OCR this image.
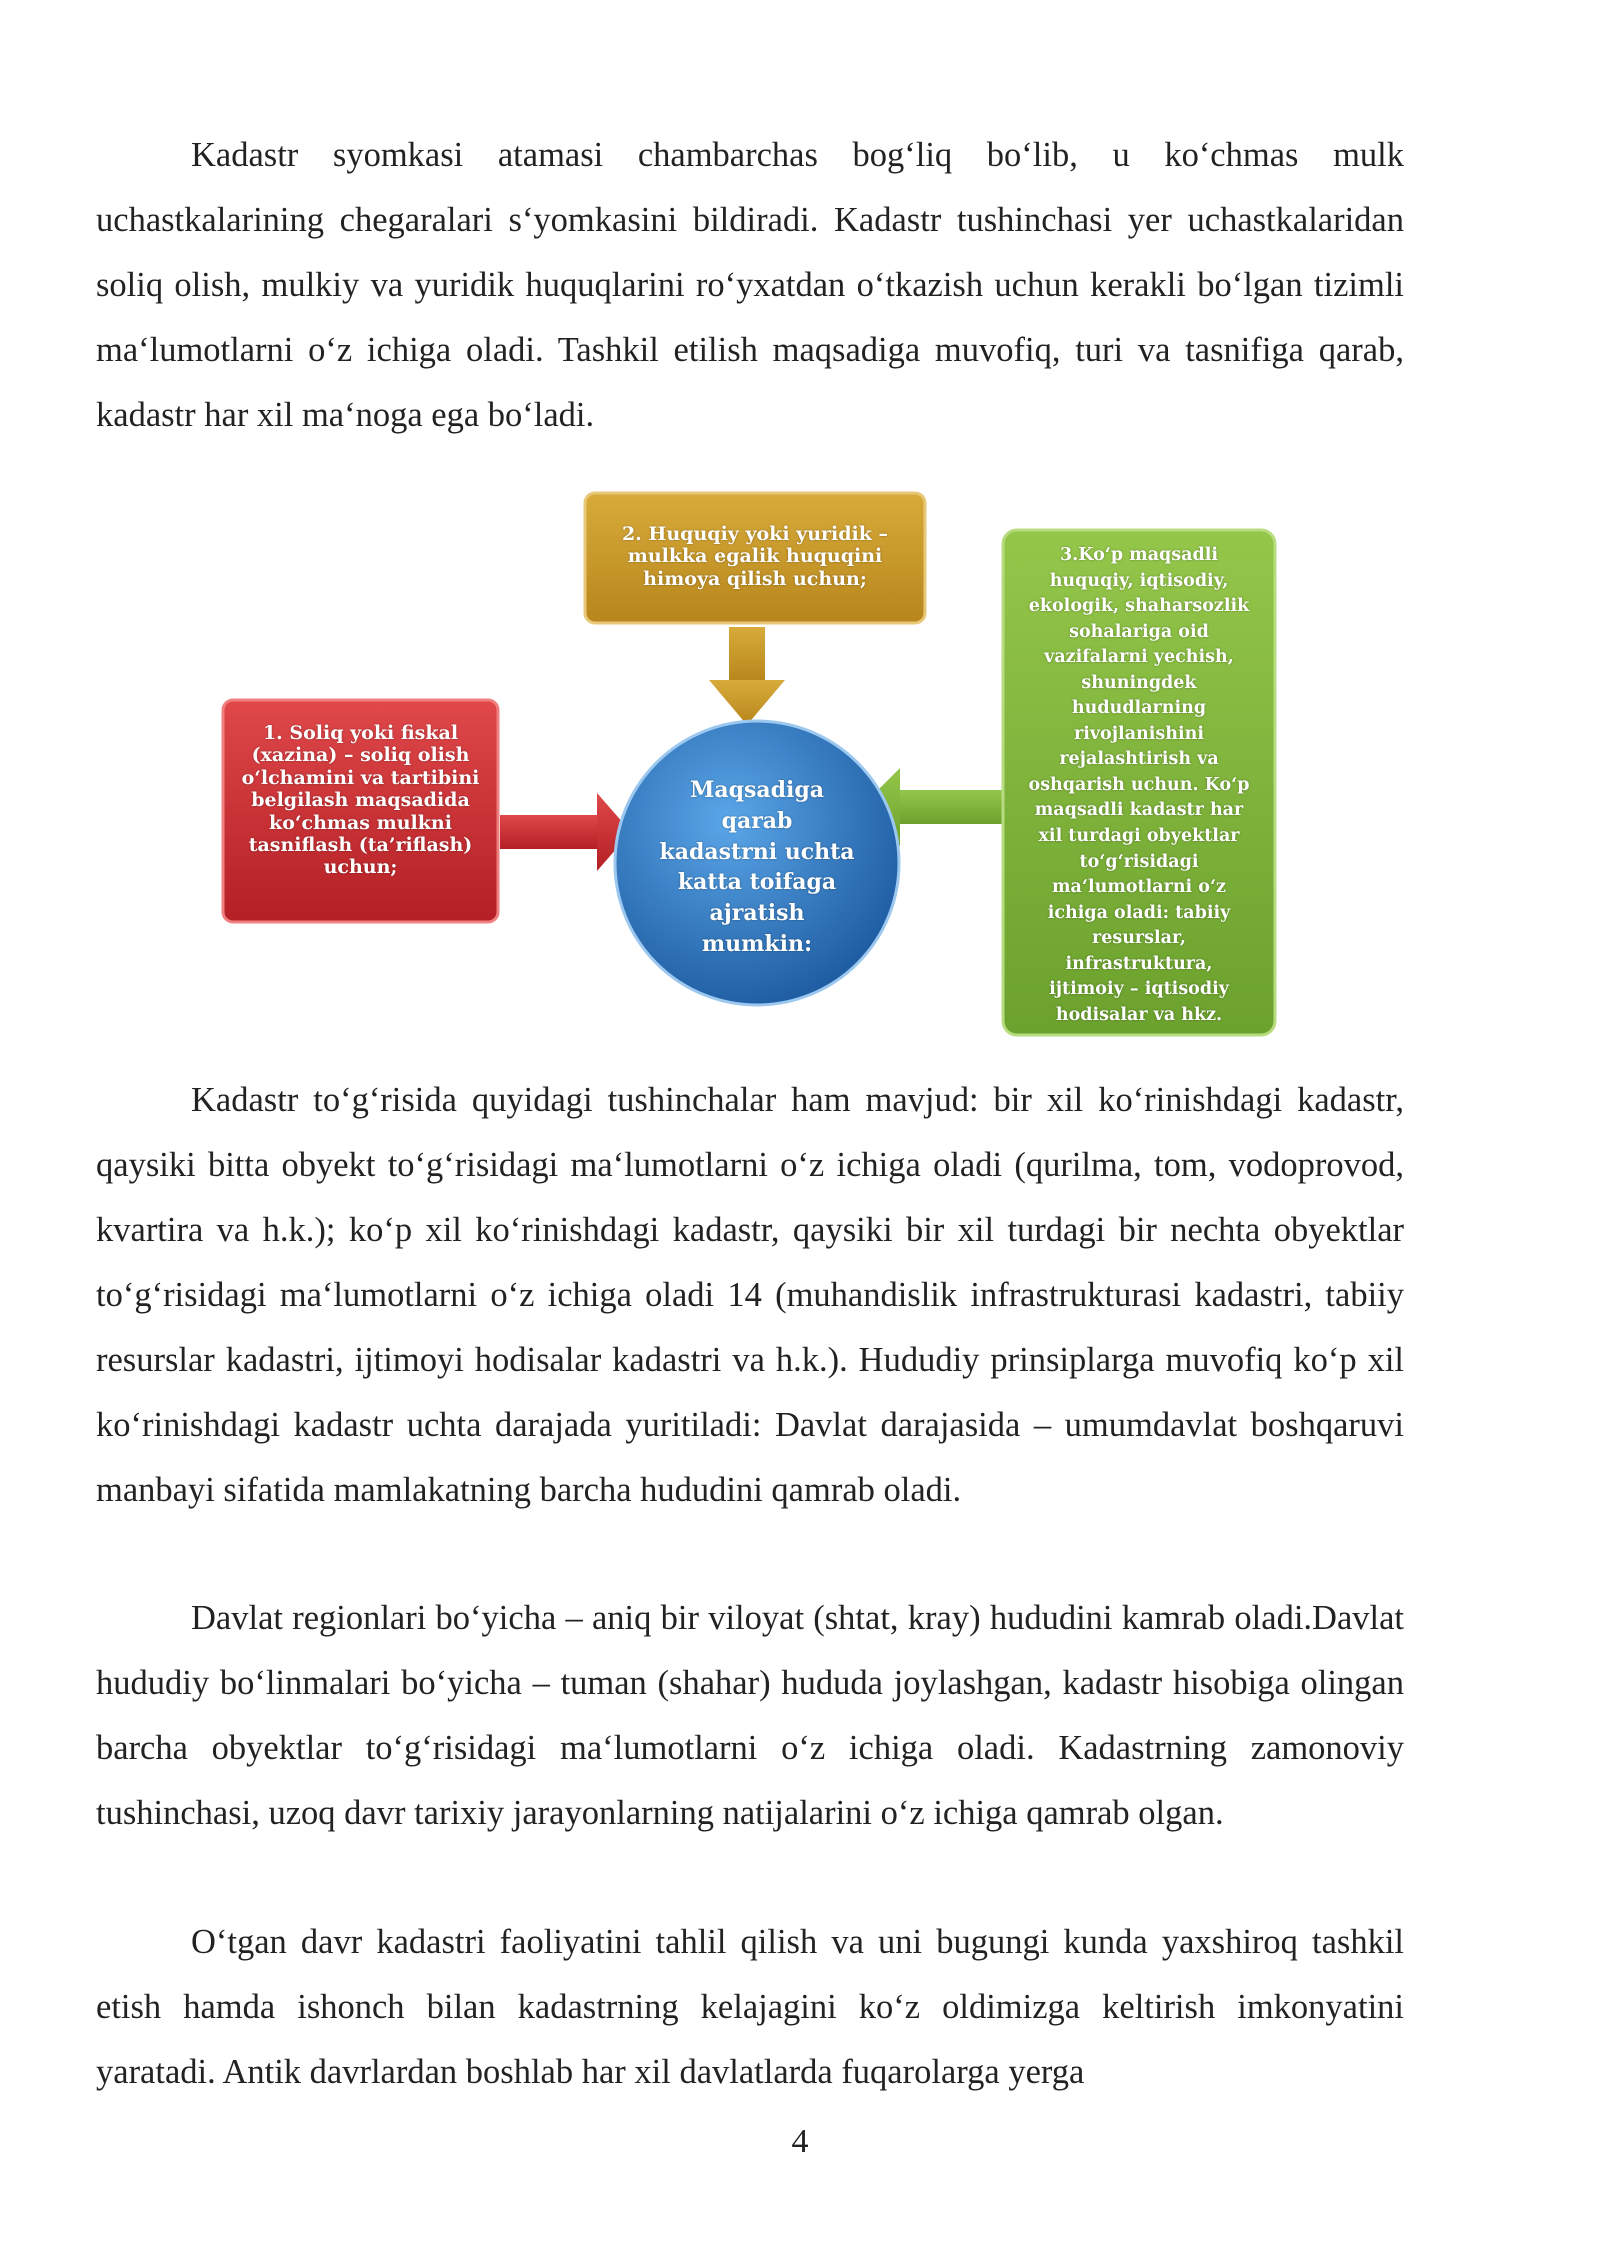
Kadastr syomkasi atamasi chambarchas bog‘liq bo‘lib, u ko‘chmas mulk uchastkalarining chegaralari s‘yomkasini bildiradi. Kadastr tushinchasi yer uchastkalaridan soliq olish, mulkiy va yuridik huquqlarini ro‘yxatdan o‘tkazish uchun kerakli bo‘lgan tizimli ma‘lumotlarni o‘z ichiga oladi. Tashkil etilish maqsadiga muvofiq, turi va tasnifiga qarab, kadastr har xil ma‘noga ega bo‘ladi.

2. Huquqiy yoki yuridik –
mulkka egalik huquqini
himoya qilish uchun;
1. Soliq yoki fiskal
(xazina) – soliq olish
o‘lchamini va tartibini
belgilash maqsadida
ko‘chmas mulkni
tasniflash (ta’riflash)
uchun;
3.Ko‘p maqsadli
huquqiy, iqtisodiy,
ekologik, shaharsozlik
sohalariga oid
vazifalarni yechish,
shuningdek
hududlarning
rivojlanishini
rejalashtirish va
oshqarish uchun. Ko‘p
maqsadli kadastr har
xil turdagi obyektlar
to‘g‘risidagi
ma‘lumotlarni o‘z
ichiga oladi: tabiiy
resurslar,
infrastruktura,
ijtimoiy – iqtisodiy
hodisalar va hkz.
Maqsadiga
qarab
kadastrni uchta
katta toifaga
ajratish
mumkin:

Kadastr to‘g‘risida quyidagi tushinchalar ham mavjud: bir xil ko‘rinishdagi kadastr, qaysiki bitta obyekt to‘g‘risidagi ma‘lumotlarni o‘z ichiga oladi (qurilma, tom, vodoprovod, kvartira va h.k.); ko‘p xil ko‘rinishdagi kadastr, qaysiki bir xil turdagi bir nechta obyektlar to‘g‘risidagi ma‘lumotlarni o‘z ichiga oladi 14 (muhandislik infrastrukturasi kadastri, tabiiy resurslar kadastri, ijtimoyi hodisalar kadastri va h.k.). Hududiy prinsiplarga muvofiq ko‘p xil ko‘rinishdagi kadastr uchta darajada yuritiladi: Davlat darajasida – umumdavlat boshqaruvi manbayi sifatida mamlakatning barcha hududini qamrab oladi.

Davlat regionlari bo‘yicha – aniq bir viloyat (shtat, kray) hududini kamrab oladi.Davlat hududiy bo‘linmalari bo‘yicha – tuman (shahar) hududa joylashgan, kadastr hisobiga olingan barcha obyektlar to‘g‘risidagi ma‘lumotlarni o‘z ichiga oladi. Kadastrning zamonoviy tushinchasi, uzoq davr tarixiy jarayonlarning natijalarini o‘z ichiga qamrab olgan.

O‘tgan davr kadastri faoliyatini tahlil qilish va uni bugungi kunda yaxshiroq tashkil etish hamda ishonch bilan kadastrning kelajagini ko‘z oldimizga keltirish imkonyatini yaratadi. Antik davrlardan boshlab har xil davlatlarda fuqarolarga yerga

4
